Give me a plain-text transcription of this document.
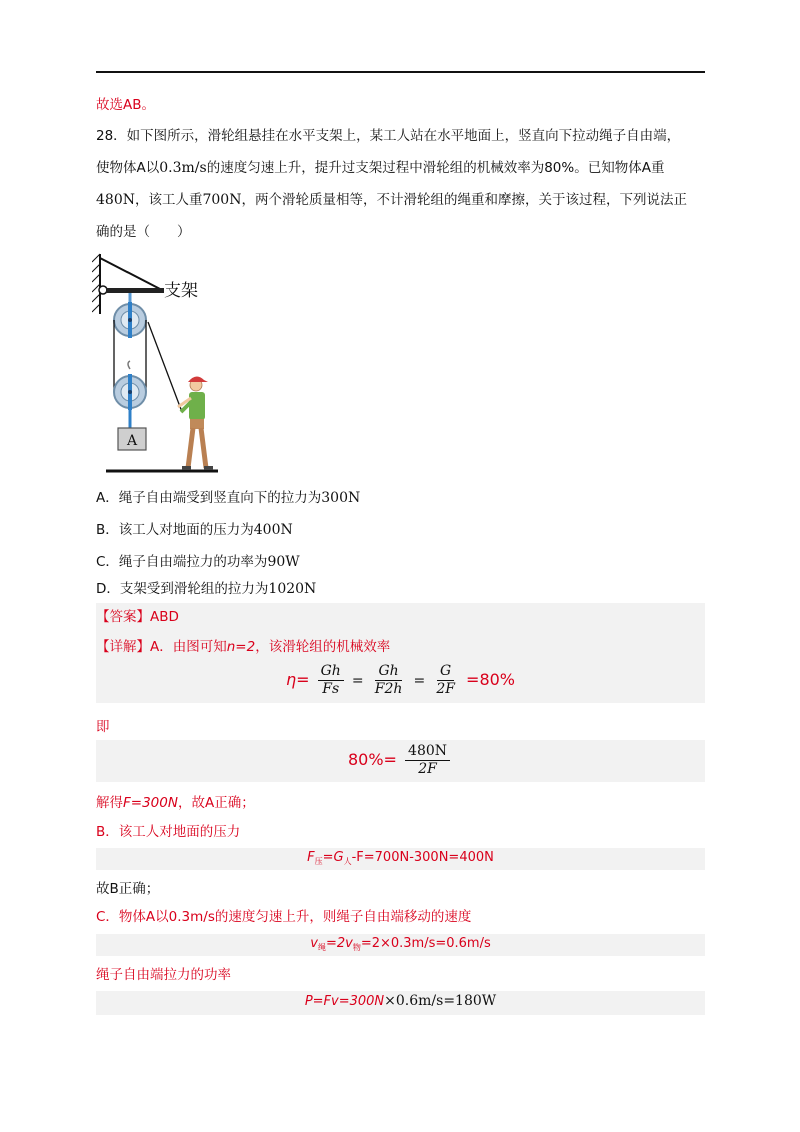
故选AB。
28．如下图所示，滑轮组悬挂在水平支架上，某工人站在水平地面上，竖直向下拉动绳子自由端，
使物体A以0.3m/s的速度匀速上升，提升过支架过程中滑轮组的机械效率为80%。已知物体A重
480N，该工人重700N，两个滑轮质量相等，不计滑轮组的绳重和摩擦，关于该过程，下列说法正
确的是（　　）
支架
A
A．绳子自由端受到竖直向下的拉力为300N
B．该工人对地面的压力为400N
C．绳子自由端拉力的功率为90W
D．支架受到滑轮组的拉力为1020N
【答案】ABD
【详解】A．由图可知n=2，该滑轮组的机械效率
$\eta= \frac{Gh}{Fs} = \frac{Gh}{F2h} = \frac{G}{2F} =80\%$
即
$80\%= \frac{480N}{2F}$
解得F=300N，故A正确；
B．该工人对地面的压力
$F_压=G_人-F=700N-300N=400N$
故B正确；
C．物体A以0.3m/s的速度匀速上升，则绳子自由端移动的速度
$v_绳=2v_物=2\times 0.3m/s=0.6m/s$
绳子自由端拉力的功率
P=Fv=300N×0.6m/s=180W
